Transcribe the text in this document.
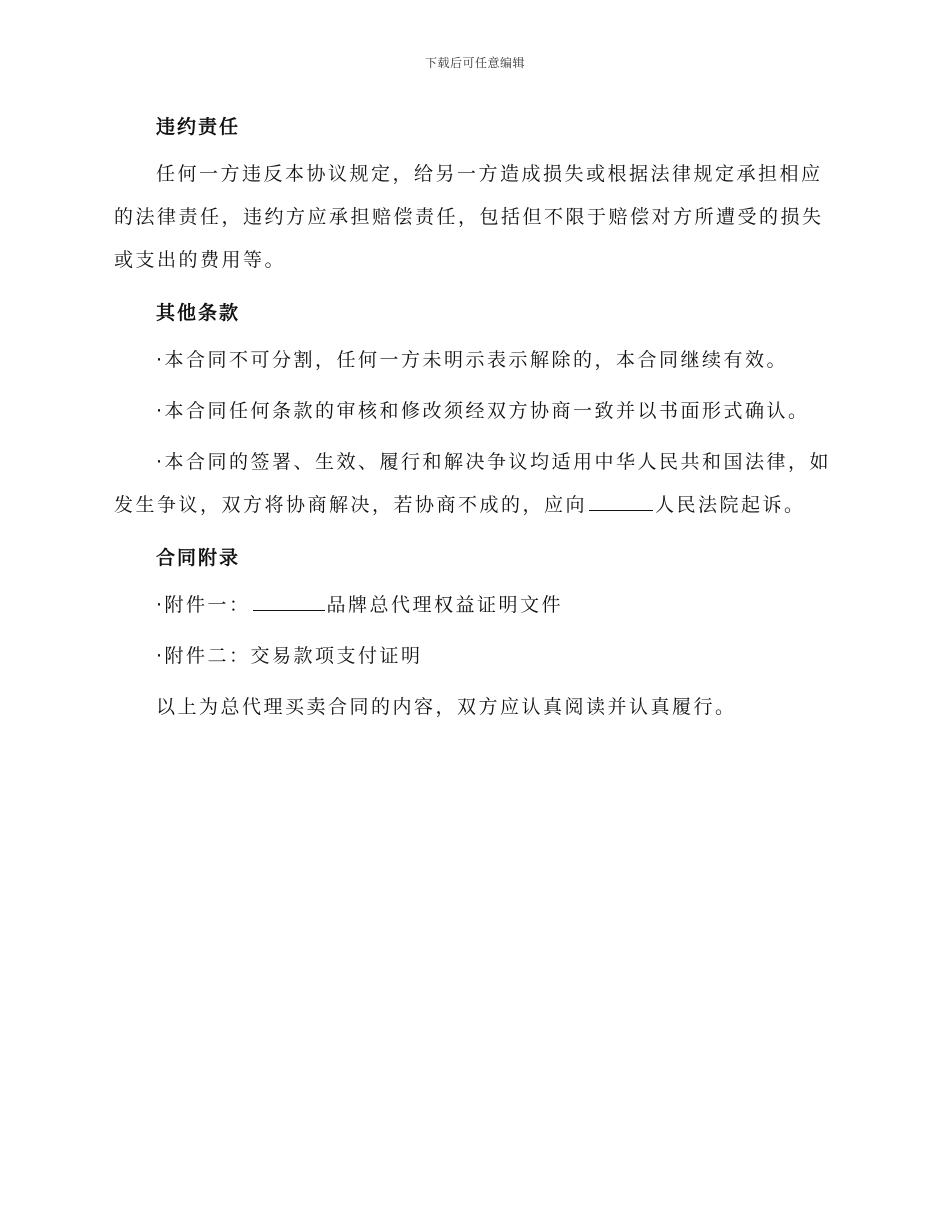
下载后可任意编辑
违约责任

任何一方违反本协议规定，给另一方造成损失或根据法律规定承担相应的法律责任，违约方应承担赔偿责任，包括但不限于赔偿对方所遭受的损失或支出的费用等。

其他条款

·本合同不可分割，任何一方未明示表示解除的，本合同继续有效。

·本合同任何条款的审核和修改须经双方协商一致并以书面形式确认。

·本合同的签署、生效、履行和解决争议均适用中华人民共和国法律，如发生争议，双方将协商解决，若协商不成的，应向	人民法院起诉。

合同附录

·附件一：	品牌总代理权益证明文件

·附件二：交易款项支付证明

以上为总代理买卖合同的内容，双方应认真阅读并认真履行。
